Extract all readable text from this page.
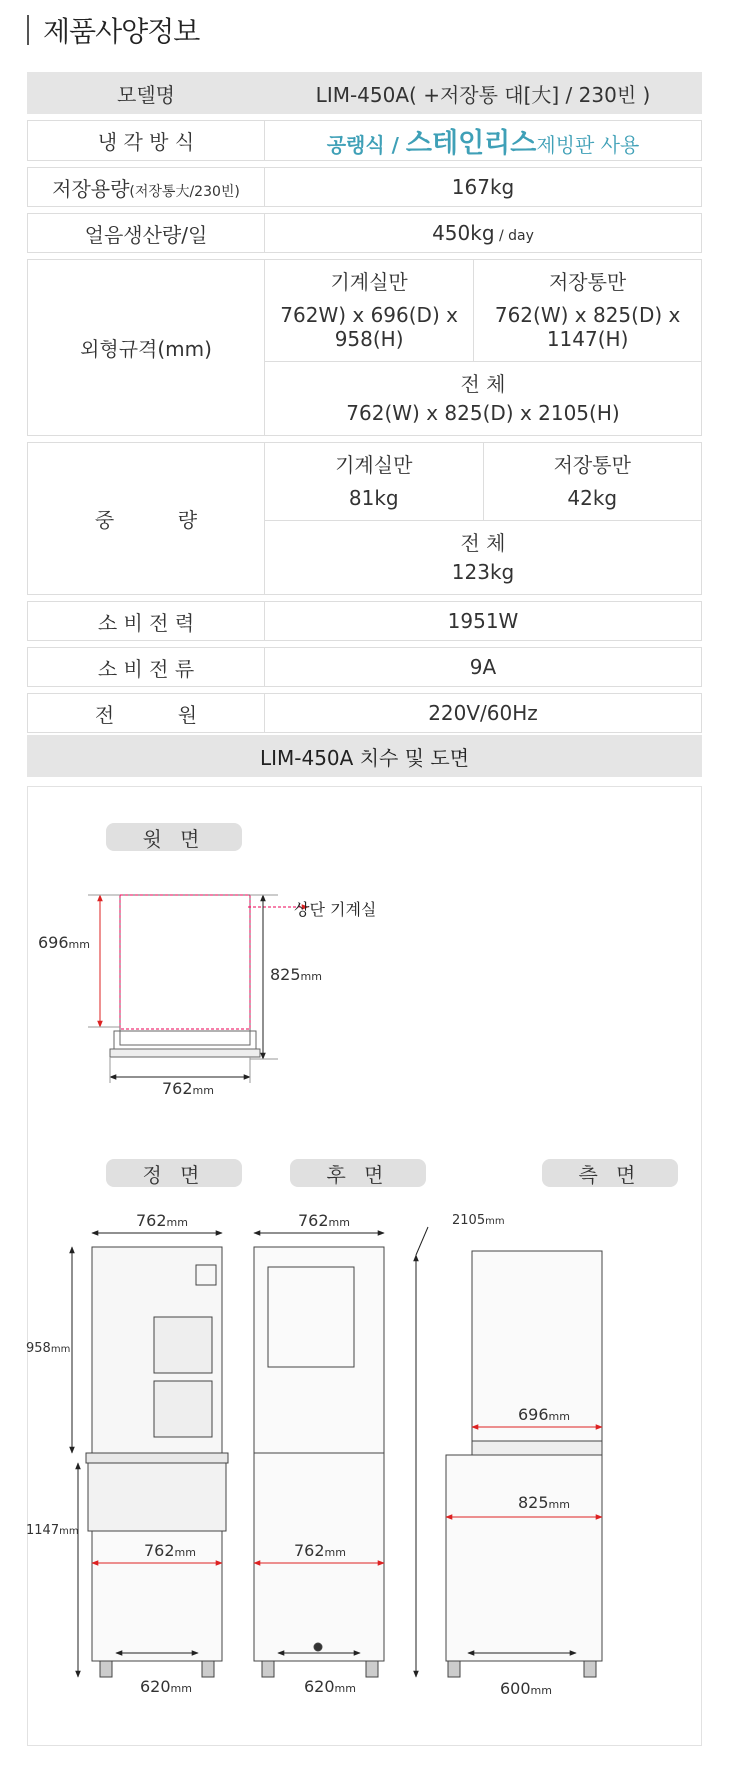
제품사양정보
모델명	LIM-450A( +저장통 대[大] / 230빈 )
냉 각 방 식	공랭식 / 스테인리스제빙판 사용
저장용량(저장통大/230빈)	167kg
얼음생산량/일	450kg / day
외형규격(mm)	
기계실만	저장통만
762W) x 696(D) x 958(H)	762(W) x 825(D) x 1147(H)
전 체
762(W) x 825(D) x 2105(H)

중          량	
기계실만	저장통만
81kg	42kg
전 체
123kg

소 비 전 력	1951W
소 비 전 류	9A
전          원	220V/60Hz
LIM-450A 치수 및 도면
윗 면
정 면	후 면	측 면
상단 기계실
696mm
825mm
762mm
762mm
958mm
1147mm
762mm
620mm
762mm
762mm
620mm
2105mm
696mm
825mm
600mm
